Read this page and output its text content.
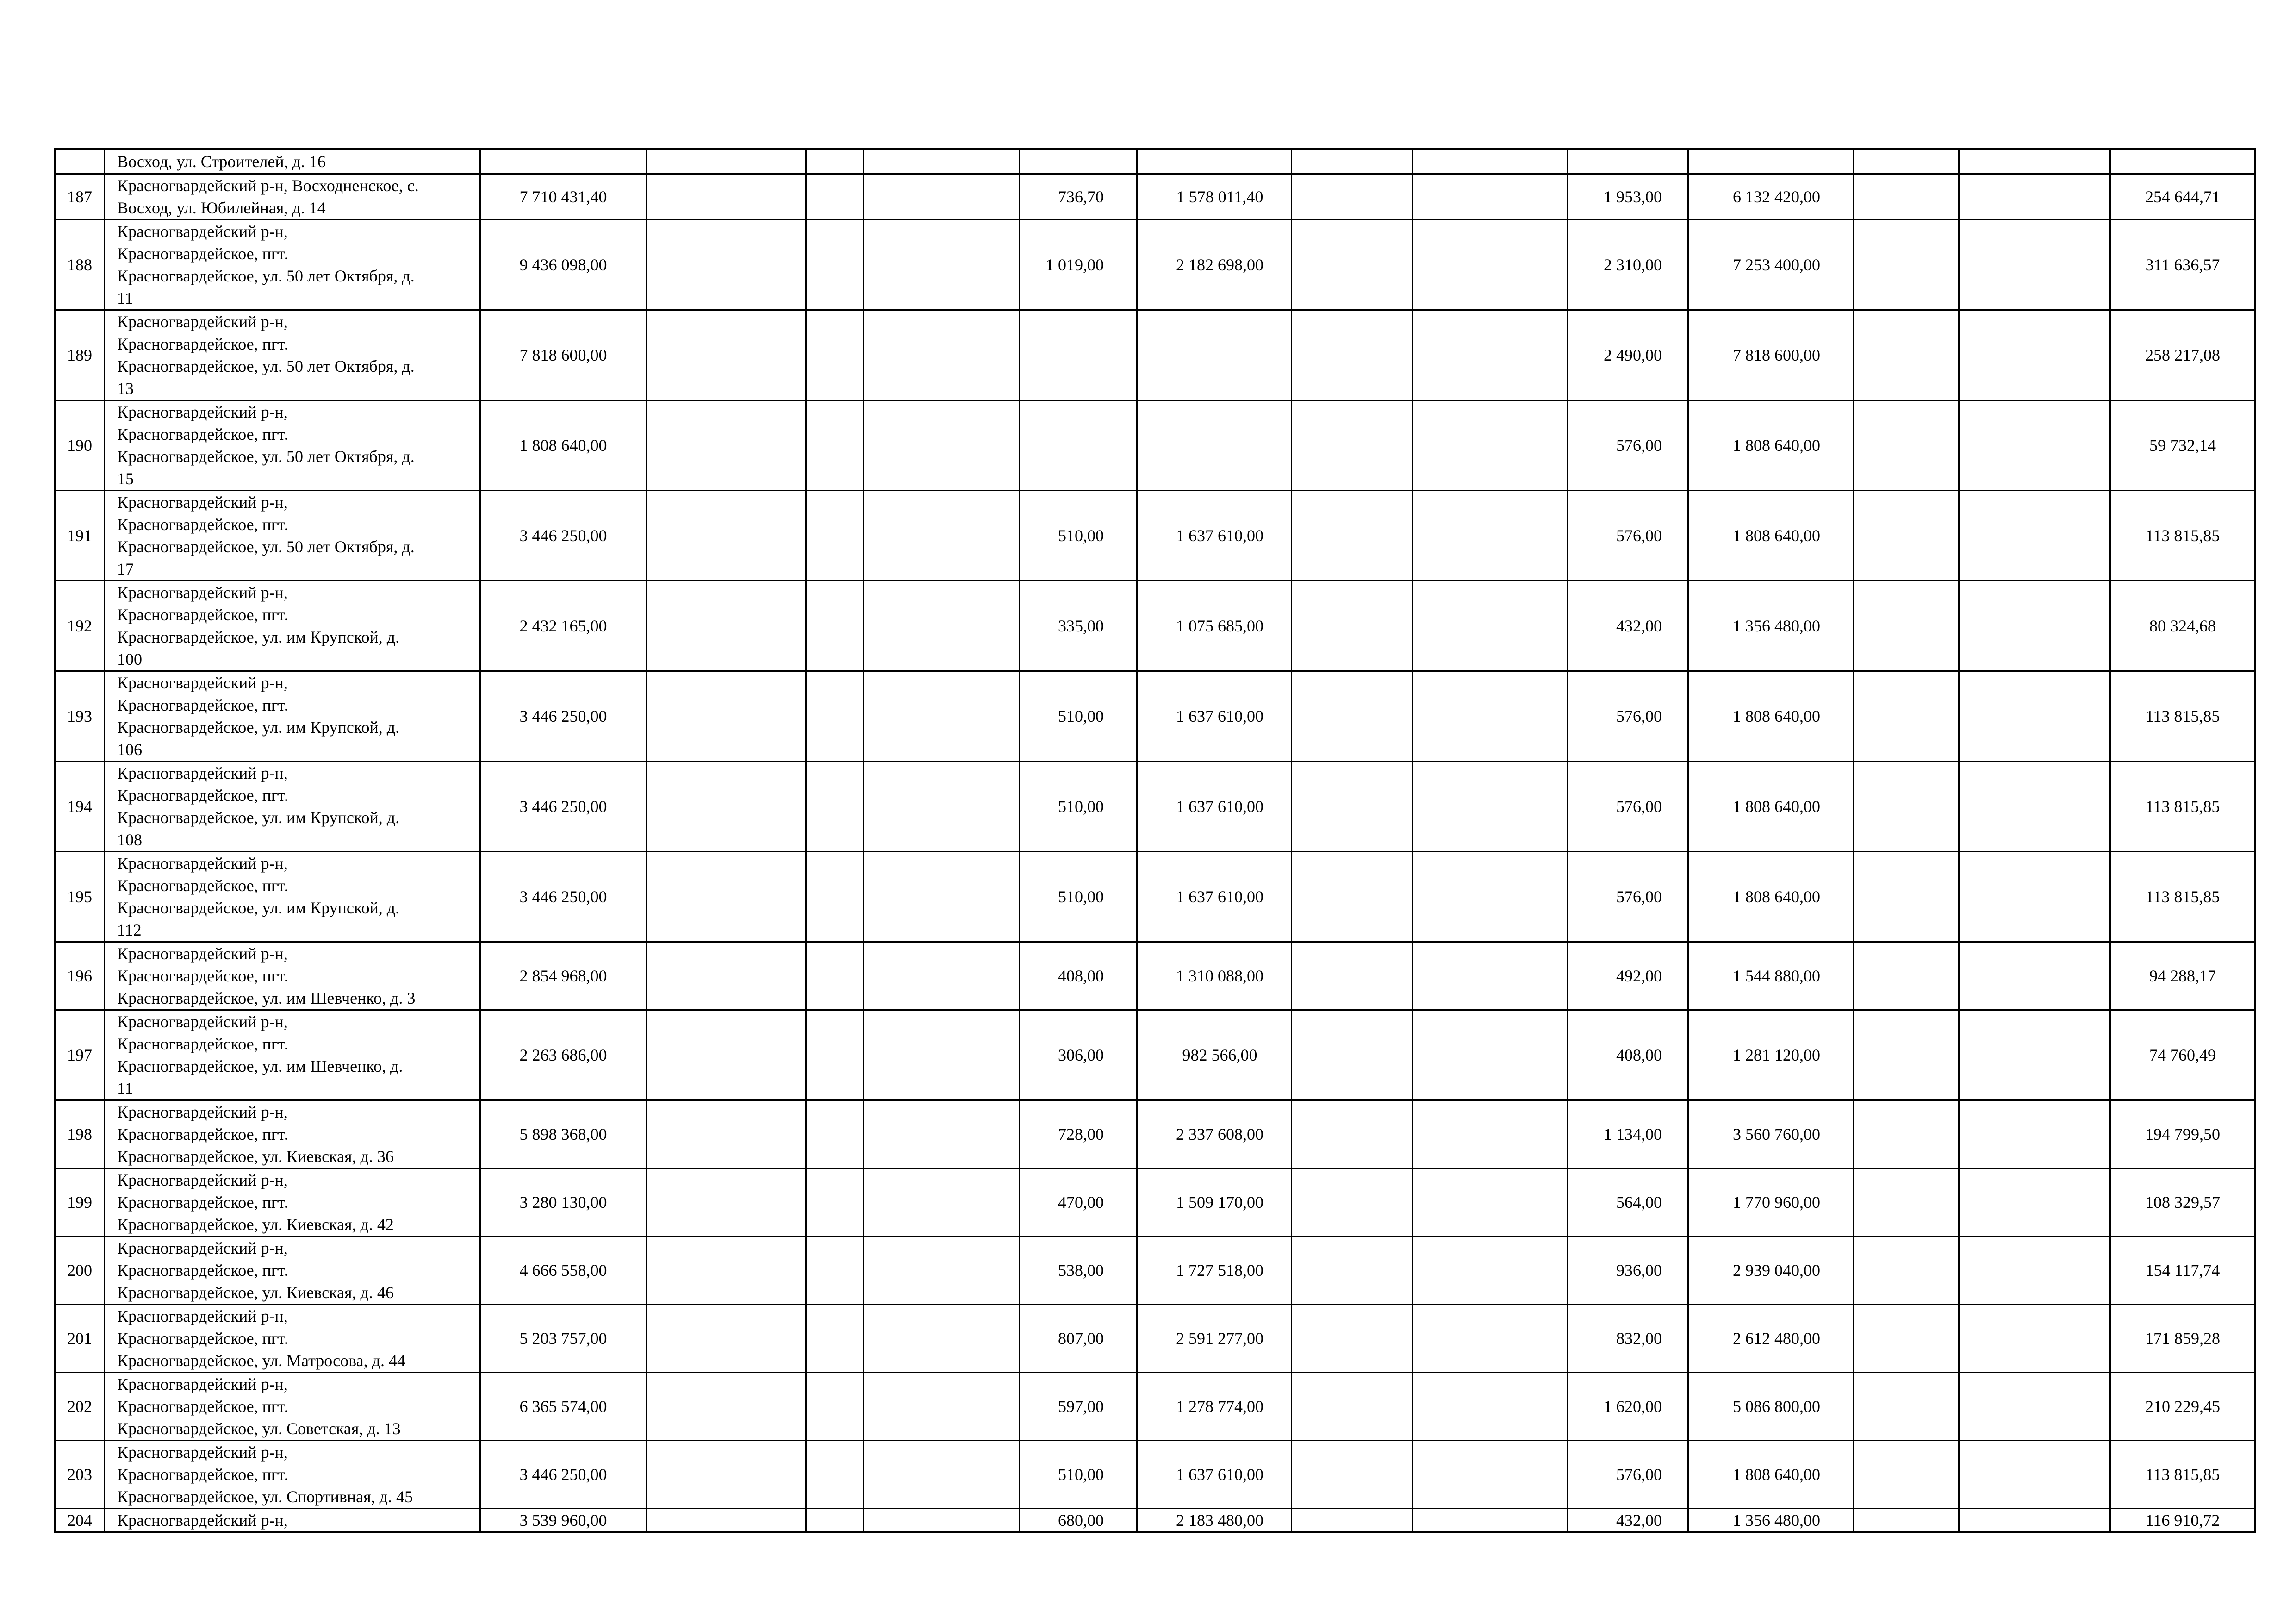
	Восход, ул. Строителей, д. 16													
187	Красногвардейский р-н, Восходненское, с.
Восход, ул. Юбилейная, д. 14	7 710 431,40				736,70	1 578 011,40			1 953,00	6 132 420,00			254 644,71
188	Красногвардейский р-н,
Красногвардейское, пгт.
Красногвардейское, ул. 50 лет Октября, д.
11	9 436 098,00				1 019,00	2 182 698,00			2 310,00	7 253 400,00			311 636,57
189	Красногвардейский р-н,
Красногвардейское, пгт.
Красногвардейское, ул. 50 лет Октября, д.
13	7 818 600,00								2 490,00	7 818 600,00			258 217,08
190	Красногвардейский р-н,
Красногвардейское, пгт.
Красногвардейское, ул. 50 лет Октября, д.
15	1 808 640,00								576,00	1 808 640,00			59 732,14
191	Красногвардейский р-н,
Красногвардейское, пгт.
Красногвардейское, ул. 50 лет Октября, д.
17	3 446 250,00				510,00	1 637 610,00			576,00	1 808 640,00			113 815,85
192	Красногвардейский р-н,
Красногвардейское, пгт.
Красногвардейское, ул. им Крупской, д.
100	2 432 165,00				335,00	1 075 685,00			432,00	1 356 480,00			80 324,68
193	Красногвардейский р-н,
Красногвардейское, пгт.
Красногвардейское, ул. им Крупской, д.
106	3 446 250,00				510,00	1 637 610,00			576,00	1 808 640,00			113 815,85
194	Красногвардейский р-н,
Красногвардейское, пгт.
Красногвардейское, ул. им Крупской, д.
108	3 446 250,00				510,00	1 637 610,00			576,00	1 808 640,00			113 815,85
195	Красногвардейский р-н,
Красногвардейское, пгт.
Красногвардейское, ул. им Крупской, д.
112	3 446 250,00				510,00	1 637 610,00			576,00	1 808 640,00			113 815,85
196	Красногвардейский р-н,
Красногвардейское, пгт.
Красногвардейское, ул. им Шевченко, д. 3	2 854 968,00				408,00	1 310 088,00			492,00	1 544 880,00			94 288,17
197	Красногвардейский р-н,
Красногвардейское, пгт.
Красногвардейское, ул. им Шевченко, д.
11	2 263 686,00				306,00	982 566,00			408,00	1 281 120,00			74 760,49
198	Красногвардейский р-н,
Красногвардейское, пгт.
Красногвардейское, ул. Киевская, д. 36	5 898 368,00				728,00	2 337 608,00			1 134,00	3 560 760,00			194 799,50
199	Красногвардейский р-н,
Красногвардейское, пгт.
Красногвардейское, ул. Киевская, д. 42	3 280 130,00				470,00	1 509 170,00			564,00	1 770 960,00			108 329,57
200	Красногвардейский р-н,
Красногвардейское, пгт.
Красногвардейское, ул. Киевская, д. 46	4 666 558,00				538,00	1 727 518,00			936,00	2 939 040,00			154 117,74
201	Красногвардейский р-н,
Красногвардейское, пгт.
Красногвардейское, ул. Матросова, д. 44	5 203 757,00				807,00	2 591 277,00			832,00	2 612 480,00			171 859,28
202	Красногвардейский р-н,
Красногвардейское, пгт.
Красногвардейское, ул. Советская, д. 13	6 365 574,00				597,00	1 278 774,00			1 620,00	5 086 800,00			210 229,45
203	Красногвардейский р-н,
Красногвардейское, пгт.
Красногвардейское, ул. Спортивная, д. 45	3 446 250,00				510,00	1 637 610,00			576,00	1 808 640,00			113 815,85
204	Красногвардейский р-н,	3 539 960,00				680,00	2 183 480,00			432,00	1 356 480,00			116 910,72
